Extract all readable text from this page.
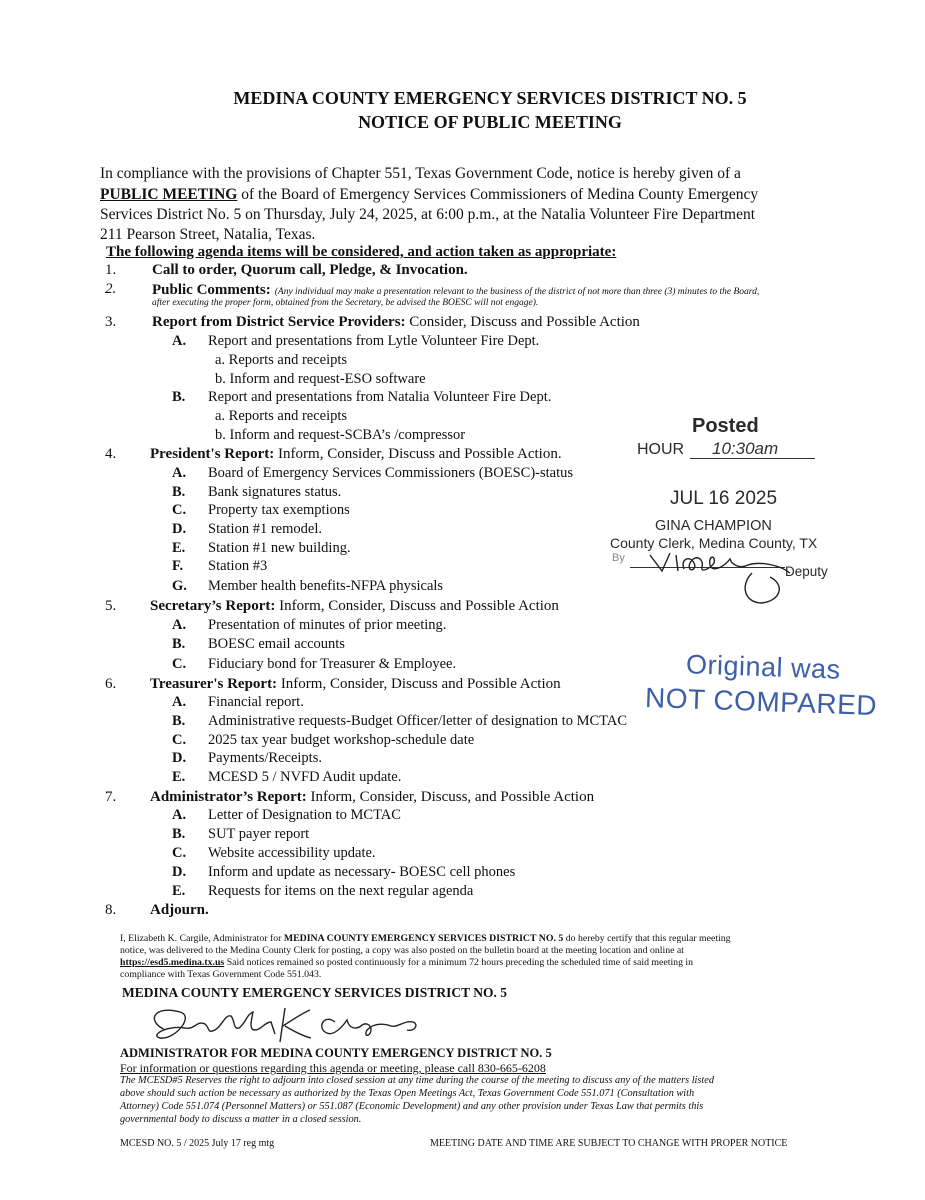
MEDINA COUNTY EMERGENCY SERVICES DISTRICT NO. 5
NOTICE OF PUBLIC MEETING
In compliance with the provisions of Chapter 551, Texas Government Code, notice is hereby given of a
PUBLIC MEETING of the Board of Emergency Services Commissioners of Medina County Emergency
Services District No. 5 on Thursday, July 24, 2025, at 6:00 p.m., at the Natalia Volunteer Fire Department
211 Pearson Street, Natalia, Texas.
The following agenda items will be considered, and action taken as appropriate:
1. Call to order, Quorum call, Pledge, & Invocation.
2. Public Comments: (Any individual may make a presentation relevant to the business of the district of not more than three (3) minutes to the Board,
after executing the proper form, obtained from the Secretary, be advised the BOESC will not engage).
3. Report from District Service Providers: Consider, Discuss and Possible Action
A. Report and presentations from Lytle Volunteer Fire Dept.
a. Reports and receipts
b. Inform and request-ESO software
B. Report and presentations from Natalia Volunteer Fire Dept.
a. Reports and receipts
b. Inform and request-SCBA’s /compressor
4. President's Report: Inform, Consider, Discuss and Possible Action.
A. Board of Emergency Services Commissioners (BOESC)-status
B. Bank signatures status.
C. Property tax exemptions
D. Station #1 remodel.
E. Station #1 new building.
F. Station #3
G. Member health benefits-NFPA physicals
5. Secretary’s Report: Inform, Consider, Discuss and Possible Action
A. Presentation of minutes of prior meeting.
B. BOESC email accounts
C. Fiduciary bond for Treasurer & Employee.
6. Treasurer's Report: Inform, Consider, Discuss and Possible Action
A. Financial report.
B. Administrative requests-Budget Officer/letter of designation to MCTAC
C. 2025 tax year budget workshop-schedule date
D. Payments/Receipts.
E. MCESD 5 / NVFD Audit update.
7. Administrator’s Report: Inform, Consider, Discuss, and Possible Action
A. Letter of Designation to MCTAC
B. SUT payer report
C. Website accessibility update.
D. Inform and update as necessary- BOESC cell phones
E. Requests for items on the next regular agenda
8. Adjourn.
I, Elizabeth K. Cargile, Administrator for MEDINA COUNTY EMERGENCY SERVICES DISTRICT NO. 5 do hereby certify that this regular meeting
notice, was delivered to the Medina County Clerk for posting, a copy was also posted on the bulletin board at the meeting location and online at
https://esd5.medina.tx.us Said notices remained so posted continuously for a minimum 72 hours preceding the scheduled time of said meeting in
compliance with Texas Government Code 551.043.
MEDINA COUNTY EMERGENCY SERVICES DISTRICT NO. 5
ADMINISTRATOR FOR MEDINA COUNTY EMERGENCY DISTRICT NO. 5
For information or questions regarding this agenda or meeting, please call 830-665-6208
The MCESD#5 Reserves the right to adjourn into closed session at any time during the course of the meeting to discuss any of the matters listed
above should such action be necessary as authorized by the Texas Open Meetings Act, Texas Government Code 551.071 (Consultation with
Attorney) Code 551.074 (Personnel Matters) or 551.087 (Economic Development) and any other provision under Texas Law that permits this
governmental body to discuss a matter in a closed session.
MCESD NO. 5 / 2025 July 17 reg mtg	MEETING DATE AND TIME ARE SUBJECT TO CHANGE WITH PROPER NOTICE
Posted
HOUR 10:30am
JUL 16 2025
GINA CHAMPION
County Clerk, Medina County, TX
By
Deputy
Original was
NOT COMPARED
